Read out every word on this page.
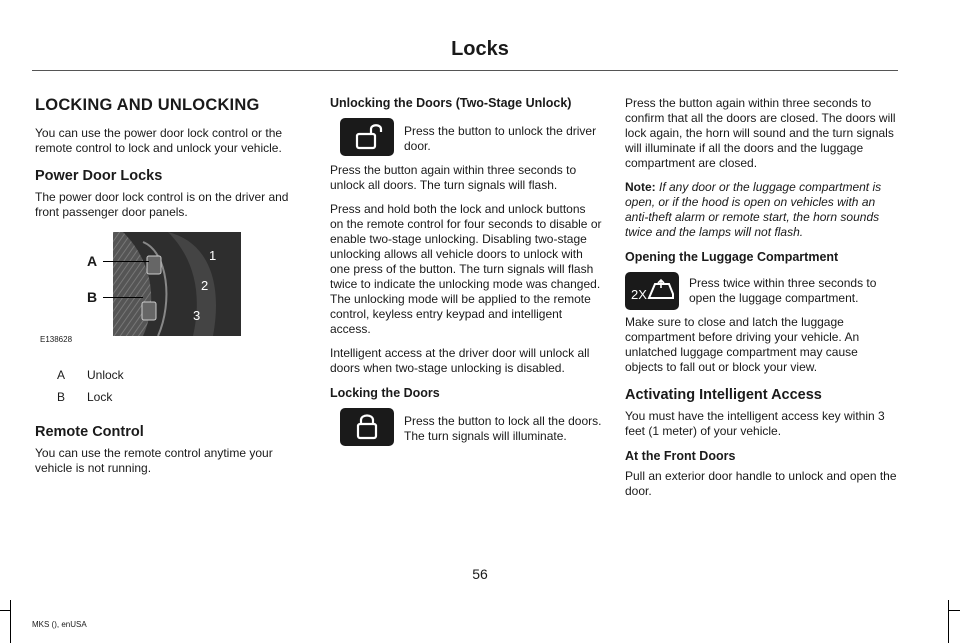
Locks
LOCKING AND UNLOCKING

You can use the power door lock control or the remote control to lock and unlock your vehicle.

Power Door Locks

The power door lock control is on the driver and front passenger door panels.

1
2
3
A
B
E138628
A	Unlock
B	Lock
Remote Control

You can use the remote control anytime your vehicle is not running.

Unlocking the Doors (Two-Stage Unlock)

Press the button to unlock the driver door.

Press the button again within three seconds to unlock all doors. The turn signals will flash.

Press and hold both the lock and unlock buttons on the remote control for four seconds to disable or enable two-stage unlocking. Disabling two-stage unlocking allows all vehicle doors to unlock with one press of the button. The turn signals will flash twice to indicate the unlocking mode was changed. The unlocking mode will be applied to the remote control, keyless entry keypad and intelligent access.

Intelligent access at the driver door will unlock all doors when two-stage unlocking is disabled.

Locking the Doors

Press the button to lock all the doors. The turn signals will illuminate.

Press the button again within three seconds to confirm that all the doors are closed. The doors will lock again, the horn will sound and the turn signals will illuminate if all the doors and the luggage compartment are closed.

Note: If any door or the luggage compartment is open, or if the hood is open on vehicles with an anti-theft alarm or remote start, the horn sounds twice and the lamps will not flash.

Opening the Luggage Compartment
2X

Press twice within three seconds to open the luggage compartment.

Make sure to close and latch the luggage compartment before driving your vehicle. An unlatched luggage compartment may cause objects to fall out or block your view.

Activating Intelligent Access

You must have the intelligent access key within 3 feet (1 meter) of your vehicle.

At the Front Doors

Pull an exterior door handle to unlock and open the door.

56
MKS (), enUSA
